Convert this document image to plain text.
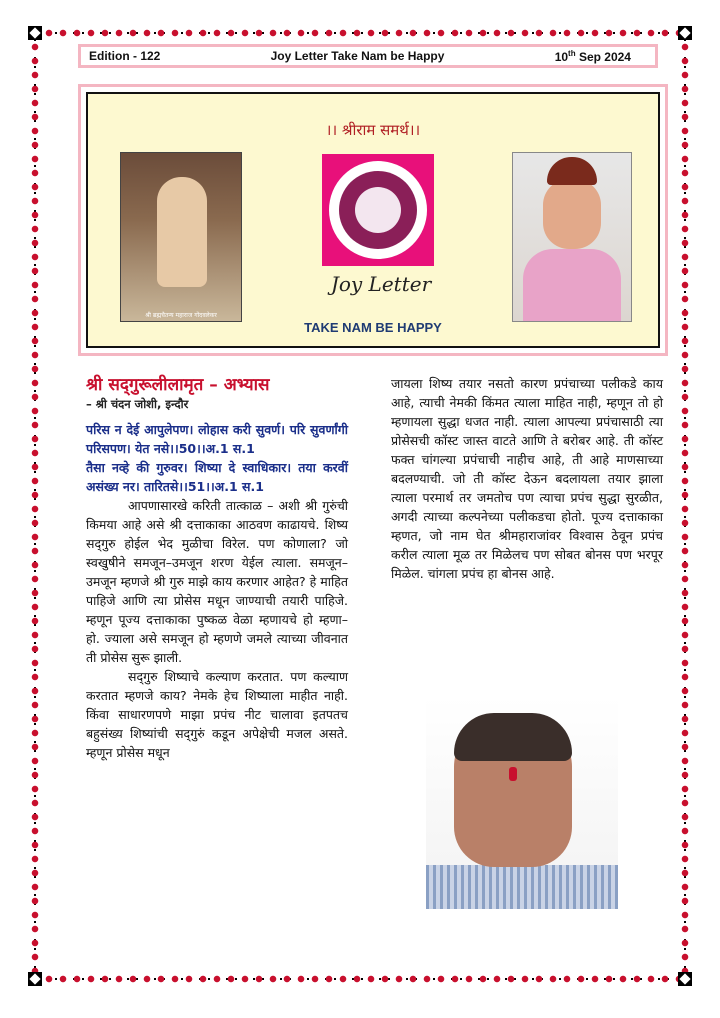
Edition - 122	Joy Letter Take Nam be Happy	10th Sep 2024
।। श्रीराम समर्थ।।
श्री ब्रह्मचैतन्य महाराज गोंदवलेकर
Joy Letter
TAKE NAM BE HAPPY
श्री सद्‌गुरूलीलामृत – अभ्यास
– श्री चंदन जोशी, इन्दौर

परिस न देई आपुलेपण। लोहास करी सुवर्ण। परि सुवर्णांगी परिसपण। येत नसे।।50।।अ.1 स.1

तैसा नव्हे की गुरुवर। शिष्या दे स्वाधिकार। तया करवीं असंख्य नर। तारितसे।।51।।अ.1 स.1

आपणासारखे करिती तात्काळ – अशी श्री गुरुंची किमया आहे असे श्री दत्ताकाका आठवण काढायचे. शिष्य सद्‌गुरु होईल भेद मुळीचा विरेल. पण कोणाला? जो स्वखुषीने समजून–उमजून शरण येईल त्याला. समजून–उमजून म्हणजे श्री गुरु माझे काय करणार आहेत? हे माहित पाहिजे आणि त्या प्रोसेस मधून जाण्याची तयारी पाहिजे. म्हणून पूज्य दत्ताकाका पुष्कळ वेळा म्हणायचे हो म्हणा– हो. ज्याला असे समजून हो म्हणणे जमले त्याच्या जीवनात ती प्रोसेस सुरू झाली.

सद्‌गुरु शिष्याचे कल्याण करतात. पण कल्याण करतात म्हणजे काय? नेमके हेच शिष्याला माहीत नाही. किंवा साधारणपणे माझा प्रपंच नीट चालावा इतपतच बहुसंख्य शिष्यांची सद्‌गुरुं कडून अपेक्षेची मजल असते. म्हणून प्रोसेस मधून

जायला शिष्य तयार नसतो कारण प्रपंचाच्या पलीकडे काय आहे, त्याची नेमकी किंमत त्याला माहित नाही, म्हणून तो हो म्हणायला सुद्धा धजत नाही. त्याला आपल्या प्रपंचासाठी त्या प्रोसेसची कॉस्ट जास्त वाटते आणि ते बरोबर आहे. ती कॉस्ट फक्त चांगल्या प्रपंचाची नाहीच आहे, ती आहे माणसाच्या बदलण्याची. जो ती कॉस्ट देऊन बदलायला तयार झाला त्याला परमार्थ तर जमतोच पण त्याचा प्रपंच सुद्धा सुरळीत, अगदी त्याच्या कल्पनेच्या पलीकडचा होतो. पूज्य दत्ताकाका म्हणत, जो नाम घेत श्रीमहाराजांवर विश्वास ठेवून प्रपंच करील त्याला मूळ तर मिळेलच पण सोबत बोनस पण भरपूर मिळेल. चांगला प्रपंच हा बोनस आहे.
